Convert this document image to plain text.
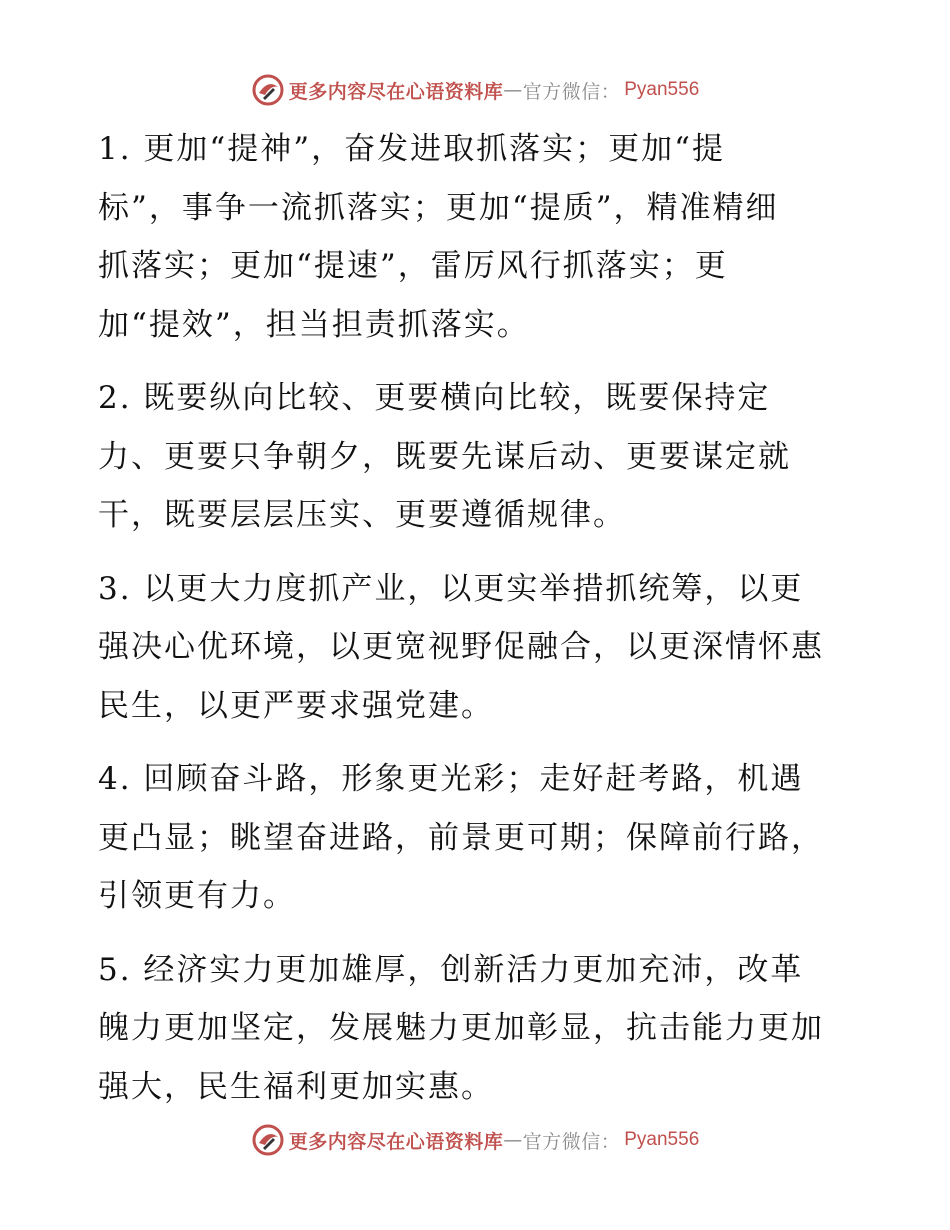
更多内容尽在心语资料库 — 官方微信： Pyan556
1. 更加“提神”，奋发进取抓落实；更加“提
标”，事争一流抓落实；更加“提质”，精准精细
抓落实；更加“提速”，雷厉风行抓落实；更
加“提效”，担当担责抓落实。
2. 既要纵向比较、更要横向比较，既要保持定
力、更要只争朝夕，既要先谋后动、更要谋定就
干，既要层层压实、更要遵循规律。
3. 以更大力度抓产业，以更实举措抓统筹，以更
强决心优环境，以更宽视野促融合，以更深情怀惠
民生，以更严要求强党建。
4. 回顾奋斗路，形象更光彩；走好赶考路，机遇
更凸显；眺望奋进路，前景更可期；保障前行路，
引领更有力。
5. 经济实力更加雄厚，创新活力更加充沛，改革
魄力更加坚定，发展魅力更加彰显，抗击能力更加
强大，民生福利更加实惠。
更多内容尽在心语资料库 — 官方微信： Pyan556
